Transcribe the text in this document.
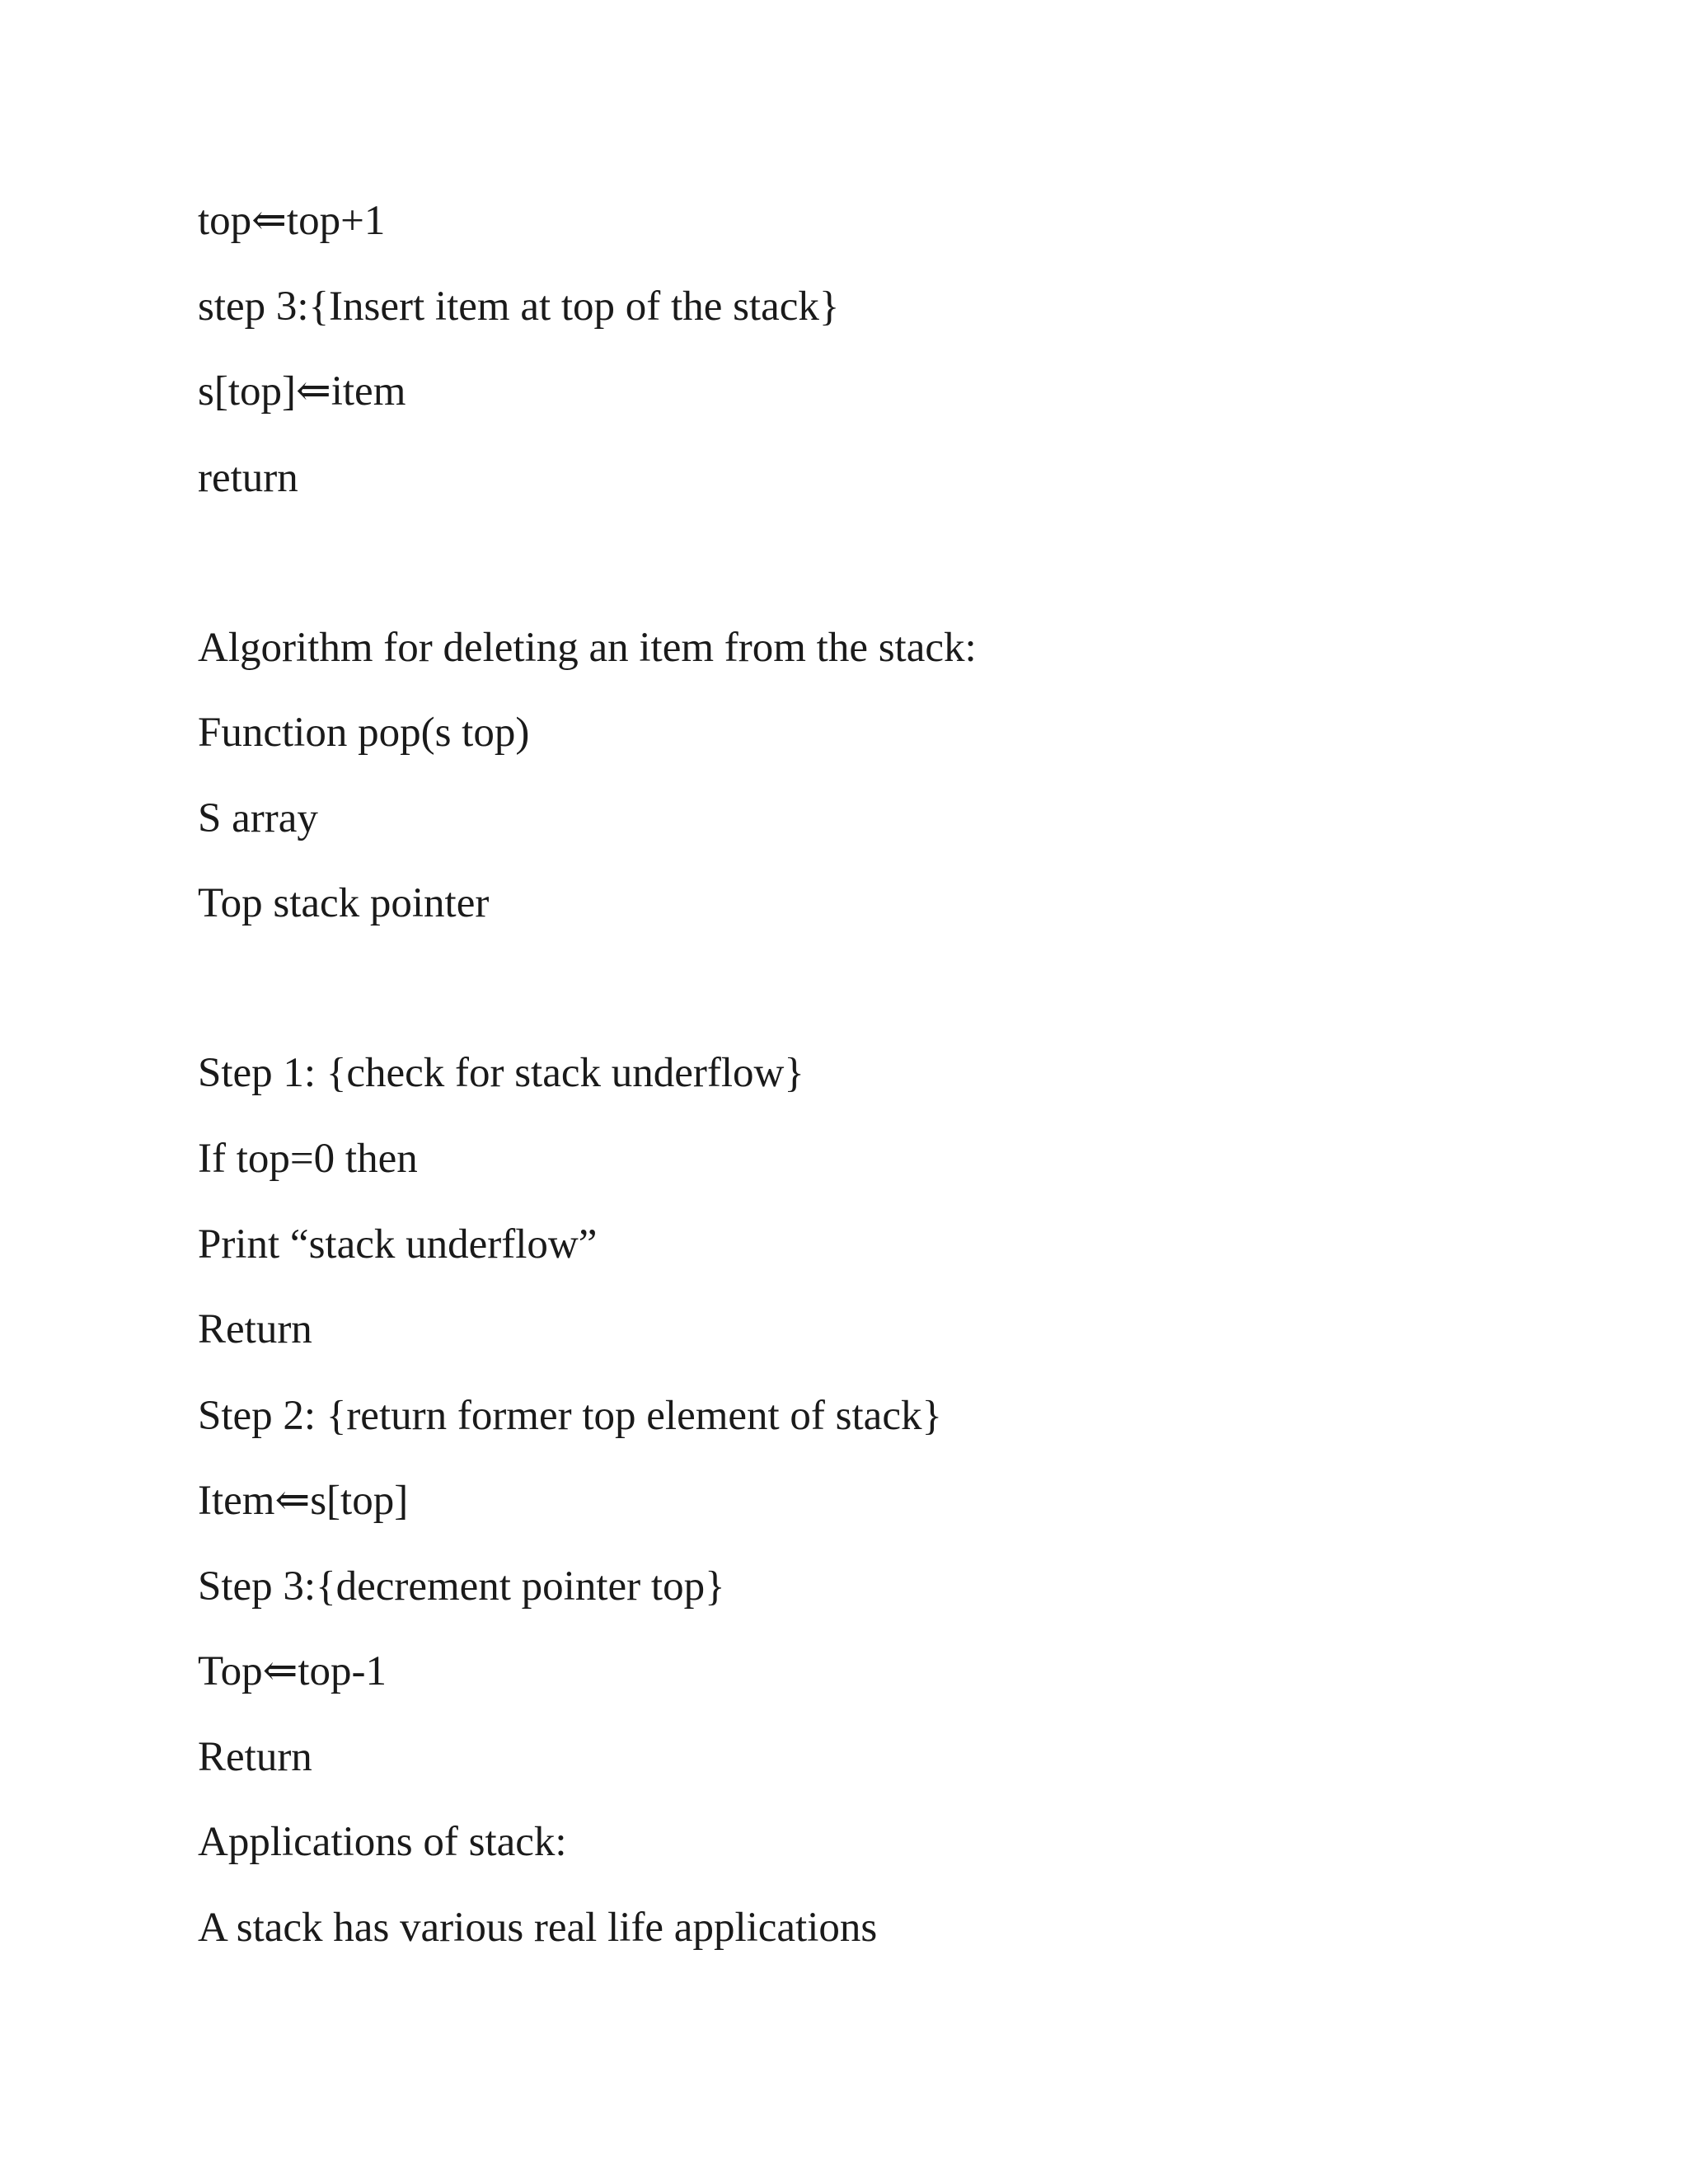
top⇐top+1

step 3:{Insert item at top of the stack}

s[top]⇐item

return

Algorithm for deleting an item from the stack:

Function pop(s top)

S array

Top stack pointer

Step 1: {check for stack underflow}

If top=0 then

Print “stack underflow”

Return

Step 2: {return former top element of stack}

Item⇐s[top]

Step 3:{decrement pointer top}

Top⇐top-1

Return

Applications of stack:

A stack has various real life applications
